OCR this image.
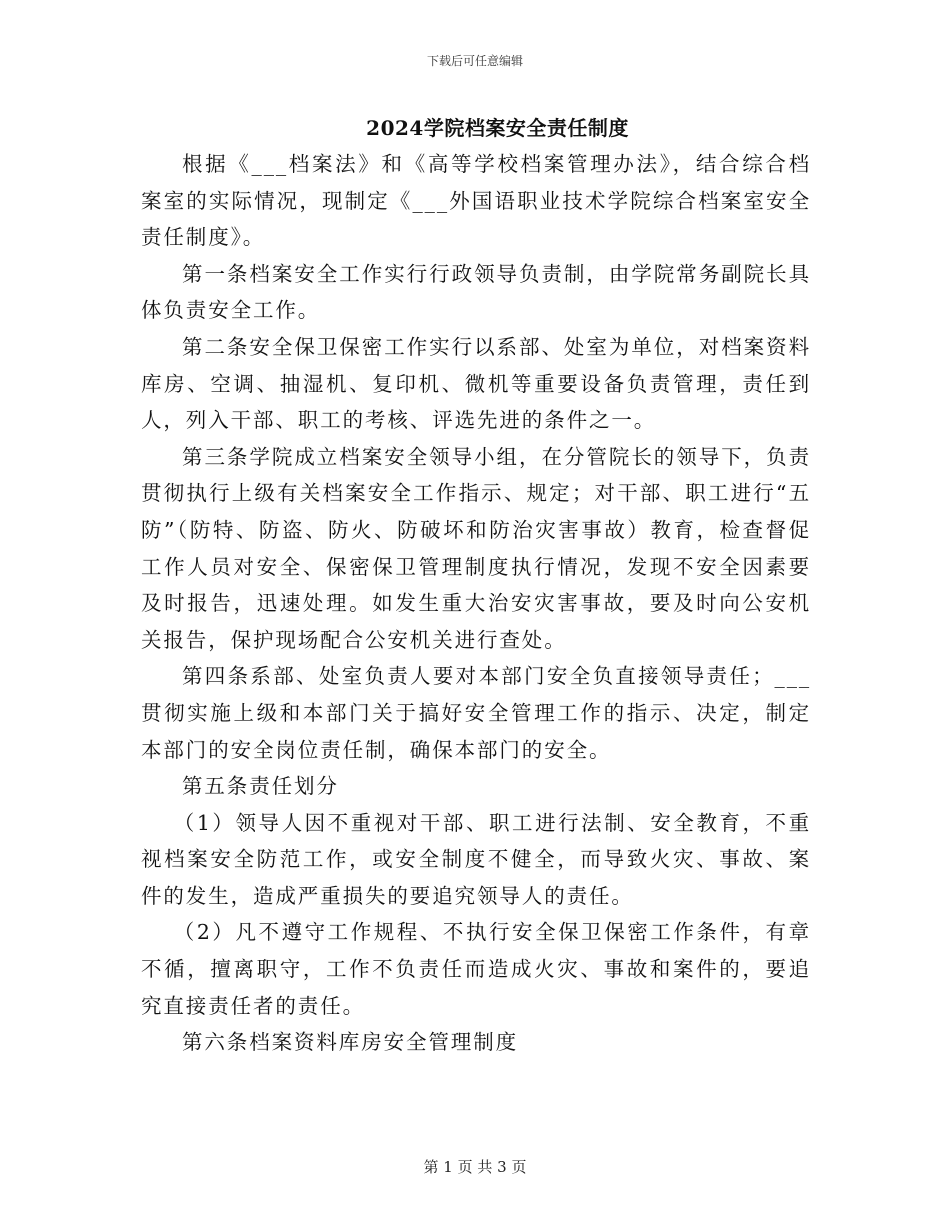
下载后可任意编辑
2024学院档案安全责任制度

根据《___档案法》和《高等学校档案管理办法》，结合综合档案室的实际情况，现制定《___外国语职业技术学院综合档案室安全责任制度》。

第一条档案安全工作实行行政领导负责制，由学院常务副院长具体负责安全工作。

第二条安全保卫保密工作实行以系部、处室为单位，对档案资料库房、空调、抽湿机、复印机、微机等重要设备负责管理，责任到人，列入干部、职工的考核、评选先进的条件之一。

第三条学院成立档案安全领导小组，在分管院长的领导下，负责贯彻执行上级有关档案安全工作指示、规定；对干部、职工进行“五防”（防特、防盗、防火、防破坏和防治灾害事故）教育，检查督促工作人员对安全、保密保卫管理制度执行情况，发现不安全因素要及时报告，迅速处理。如发生重大治安灾害事故，要及时向公安机关报告，保护现场配合公安机关进行查处。

第四条系部、处室负责人要对本部门安全负直接领导责任；___贯彻实施上级和本部门关于搞好安全管理工作的指示、决定，制定本部门的安全岗位责任制，确保本部门的安全。

第五条责任划分

（1）领导人因不重视对干部、职工进行法制、安全教育，不重视档案安全防范工作，或安全制度不健全，而导致火灾、事故、案件的发生，造成严重损失的要追究领导人的责任。

（2）凡不遵守工作规程、不执行安全保卫保密工作条件，有章不循，擅离职守，工作不负责任而造成火灾、事故和案件的，要追究直接责任者的责任。

第六条档案资料库房安全管理制度

第 1 页 共 3 页
